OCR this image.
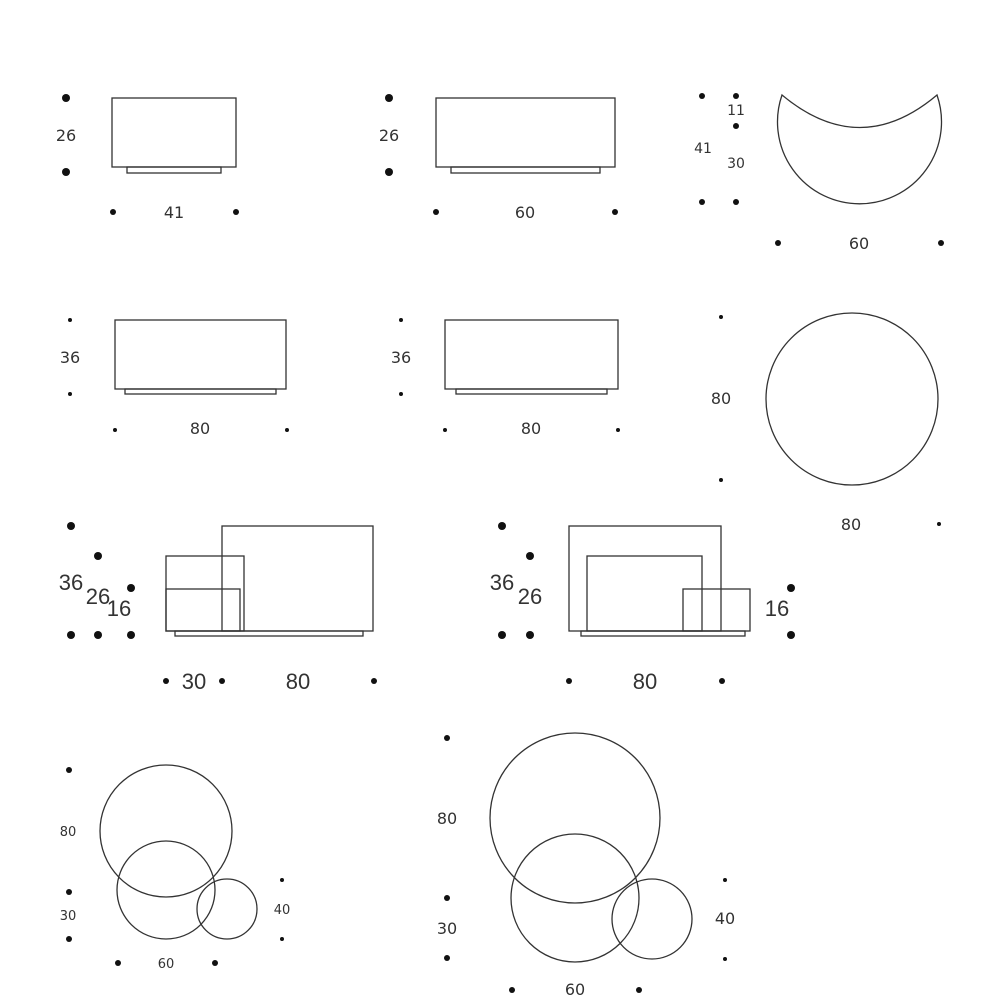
26
41
26
60
11
41
30
60
36
80
36
80
80
80
36
26
16
30	80
36
26	16
80
80
30	40
60
80
30
40
60
